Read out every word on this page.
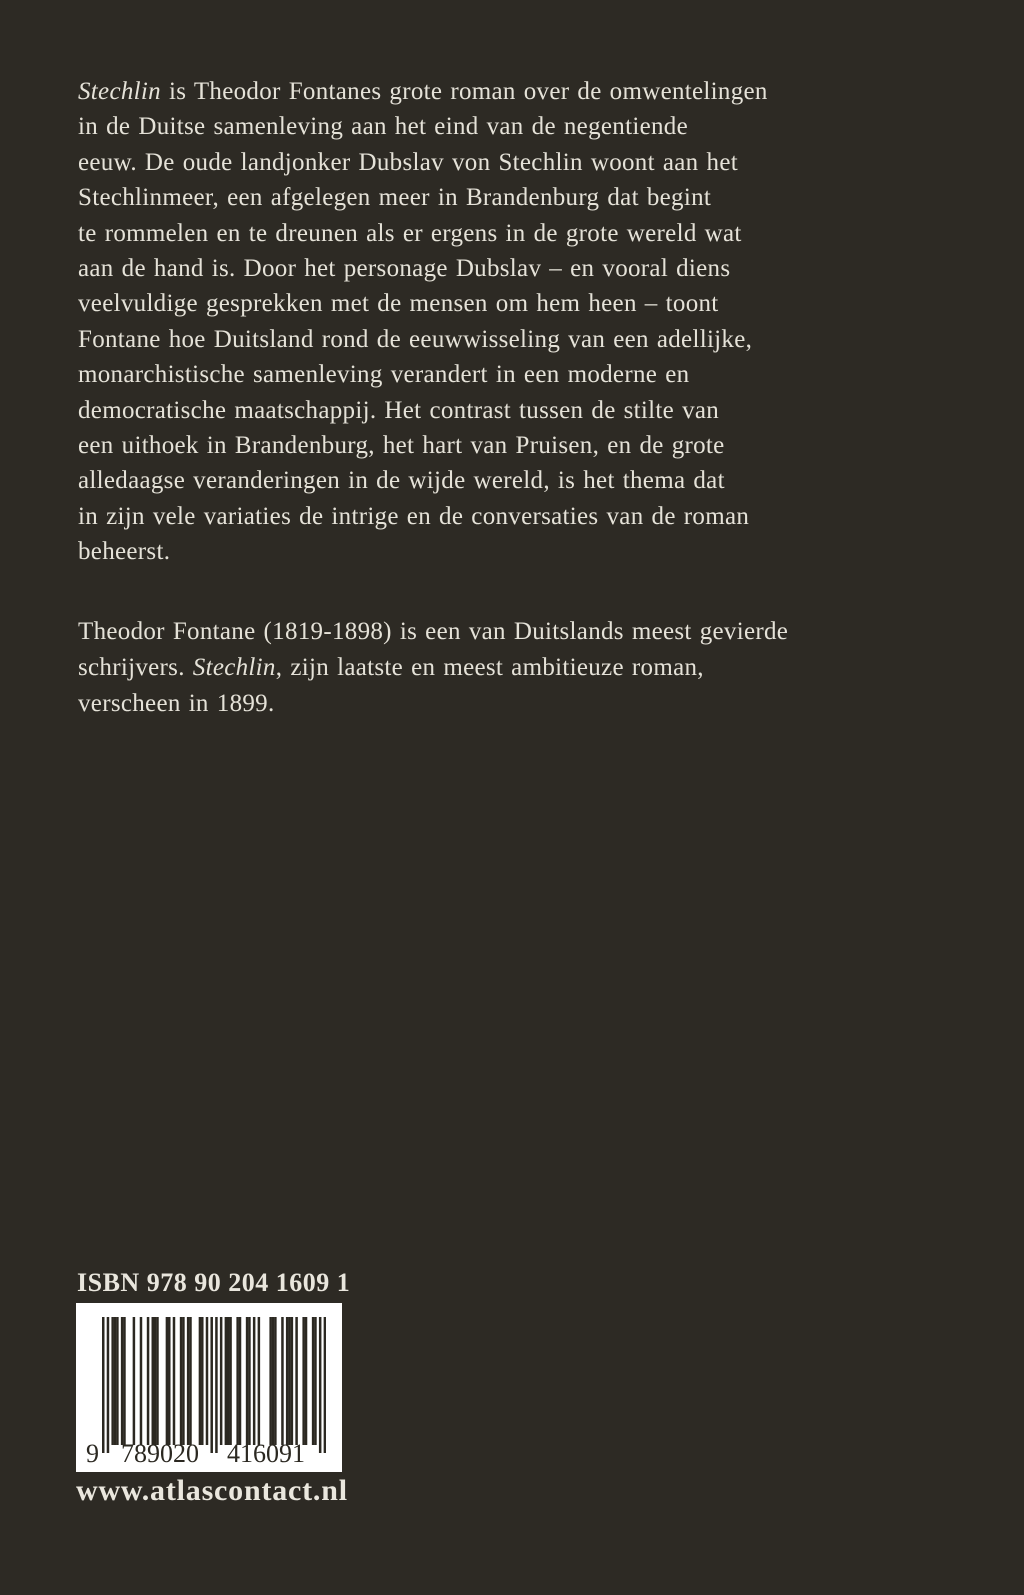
Stechlin is Theodor Fontanes grote roman over de omwentelingen
in de Duitse samenleving aan het eind van de negentiende
eeuw. De oude landjonker Dubslav von Stechlin woont aan het
Stechlinmeer, een afgelegen meer in Brandenburg dat begint
te rommelen en te dreunen als er ergens in de grote wereld wat
aan de hand is. Door het personage Dubslav – en vooral diens
veelvuldige gesprekken met de mensen om hem heen – toont
Fontane hoe Duitsland rond de eeuwwisseling van een adellijke,
monarchistische samenleving verandert in een moderne en
democratische maatschappij. Het contrast tussen de stilte van
een uithoek in Brandenburg, het hart van Pruisen, en de grote
alledaagse veranderingen in de wijde wereld, is het thema dat
in zijn vele variaties de intrige en de conversaties van de roman
beheerst.
Theodor Fontane (1819-1898) is een van Duitslands meest gevierde
schrijvers. Stechlin, zijn laatste en meest ambitieuze roman,
verscheen in 1899.
ISBN 978 90 204 1609 1
9 789020	416091
www.atlascontact.nl
